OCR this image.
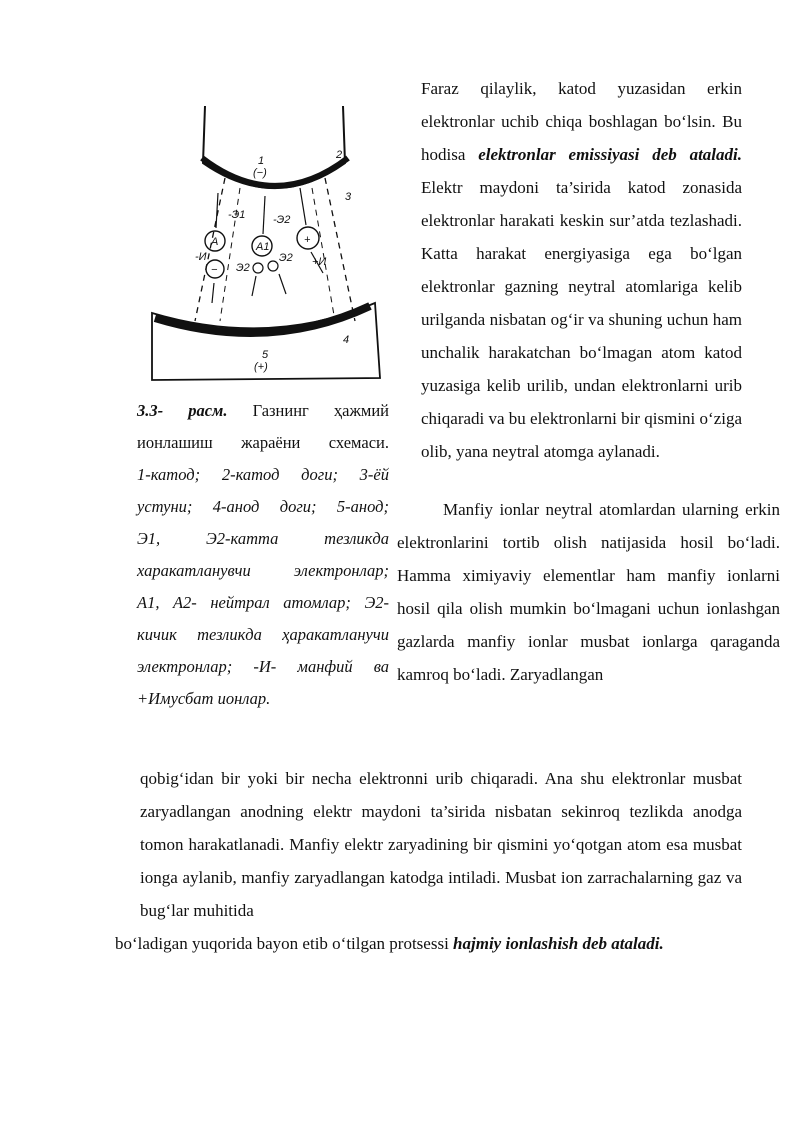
1
(−)
2
3
4
5
(+)
A	A1
+
−
-Э1	-Э2
Э2
Э2
-И	+И
Faraz qilaylik, katod yuzasidan erkin elektronlar uchib chiqa boshlagan bo‘lsin. Bu hodisa elektronlar emissiyasi deb ataladi. Elektr maydoni ta’sirida katod zonasida elektronlar harakati keskin sur’atda tezlashadi. Katta harakat energiyasiga ega bo‘lgan elektronlar gazning neytral atomlariga kelib urilganda nisbatan og‘ir va shuning uchun ham unchalik harakatchan bo‘lmagan atom katod yuzasiga kelib urilib, undan elektronlarni urib chiqaradi va bu elektronlarni bir qismini o‘ziga olib, yana neytral atomga aylanadi.
3.3- расм. Газнинг ҳажмий
ионлашиш жараёни схемаси.
1-катод; 2-катод доги; 3-ёй
устуни; 4-анод доги; 5-анод;
Э1, Э2-катта тезликда
харакатланувчи электронлар;
А1, А2- нейтрал атомлар; Э2-
кичик тезликда ҳаракатланучи
электронлар; -И- манфий ва
+Имусбат ионлар.
Manfiy ionlar neytral atomlardan ularning erkin elektronlarini tortib olish natijasida hosil bo‘ladi. Hamma ximiyaviy elementlar ham manfiy ionlarni hosil qila olish mumkin bo‘lmagani uchun ionlashgan gazlarda manfiy ionlar musbat ionlarga qaraganda kamroq bo‘ladi. Zaryadlangan
qobig‘idan bir yoki bir necha elektronni urib chiqaradi. Ana shu elektronlar musbat zaryadlangan anodning elektr maydoni ta’sirida nisbatan sekinroq tezlikda anodga tomon harakatlanadi. Manfiy elektr zaryadining bir qismini yo‘qotgan atom esa musbat ionga aylanib, manfiy zaryadlangan katodga intiladi. Musbat ion zarrachalarning gaz va bug‘lar muhitida
bo‘ladigan yuqorida bayon etib o‘tilgan protsessi hajmiy ionlashish deb ataladi.
